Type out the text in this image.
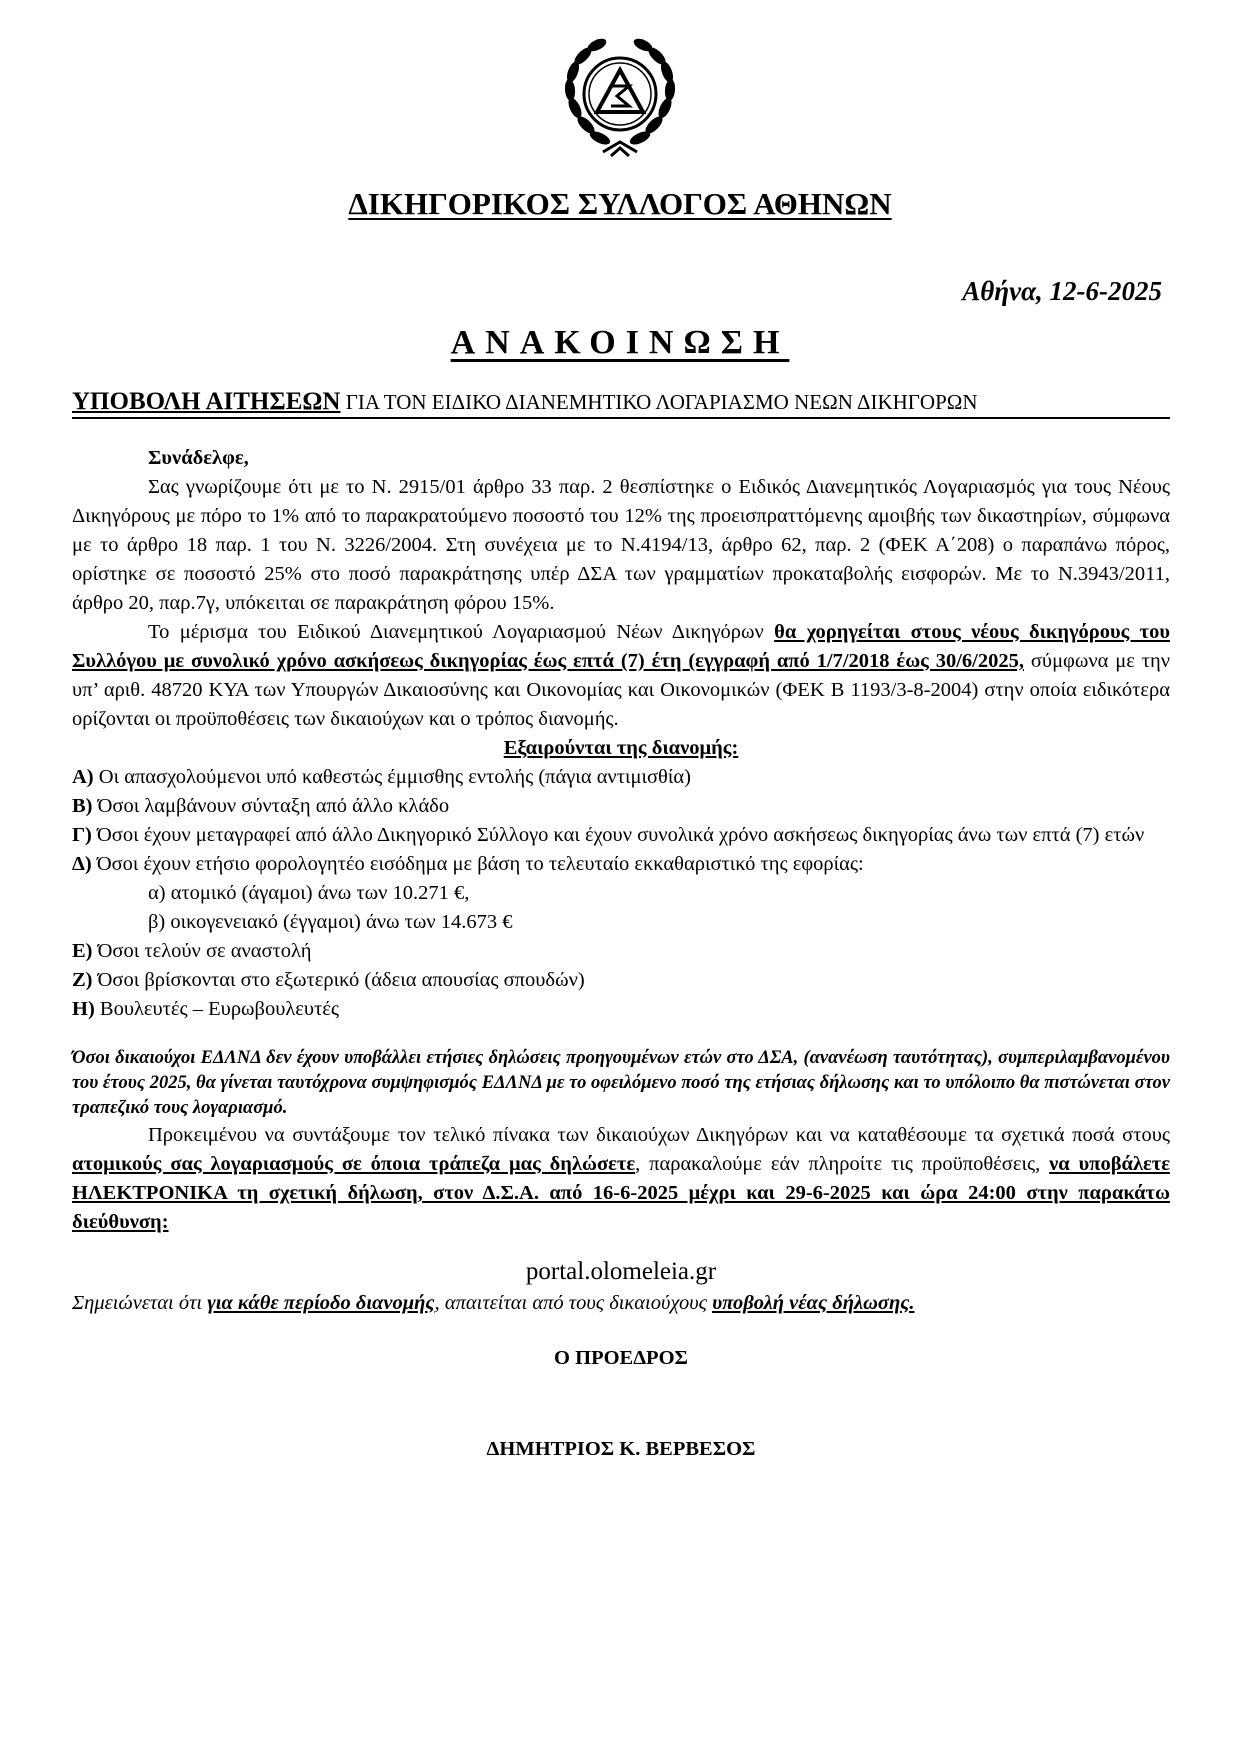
ΔΙΚΗΓΟΡΙΚΟΣ ΣΥΛΛΟΓΟΣ ΑΘΗΝΩΝ
Αθήνα, 12-6-2025
ΑΝΑΚΟΙΝΩΣΗ
ΥΠΟΒΟΛΗ ΑΙΤΗΣΕΩΝ ΓΙΑ ΤΟΝ ΕΙΔΙΚΟ ΔΙΑΝΕΜΗΤΙΚΟ ΛΟΓΑΡΙΑΣΜΟ ΝΕΩΝ ΔΙΚΗΓΟΡΩΝ

Συνάδελφε,

Σας γνωρίζουμε ότι με το Ν. 2915/01 άρθρο 33 παρ. 2 θεσπίστηκε ο Ειδικός Διανεμητικός Λογαριασμός για τους Νέους Δικηγόρους με πόρο το 1% από το παρακρατούμενο ποσοστό του 12% της προεισπραττόμενης αμοιβής των δικαστηρίων, σύμφωνα με το άρθρο 18 παρ. 1 του Ν. 3226/2004. Στη συνέχεια με το Ν.4194/13, άρθρο 62, παρ. 2 (ΦΕΚ Α΄208) ο παραπάνω πόρος, ορίστηκε σε ποσοστό 25% στο ποσό παρακράτησης υπέρ ΔΣΑ των γραμματίων προκαταβολής εισφορών. Με το Ν.3943/2011, άρθρο 20, παρ.7γ, υπόκειται σε παρακράτηση φόρου 15%.

Το μέρισμα του Ειδικού Διανεμητικού Λογαριασμού Νέων Δικηγόρων θα χορηγείται στους νέους δικηγόρους του Συλλόγου με συνολικό χρόνο ασκήσεως δικηγορίας έως επτά (7) έτη (εγγραφή από 1/7/2018 έως 30/6/2025, σύμφωνα με την υπ’ αριθ. 48720 ΚΥΑ των Υπουργών Δικαιοσύνης και Οικονομίας και Οικονομικών (ΦΕΚ Β 1193/3-8-2004) στην οποία ειδικότερα ορίζονται οι προϋποθέσεις των δικαιούχων και ο τρόπος διανομής.

Εξαιρούνται της διανομής:

Α) Οι απασχολούμενοι υπό καθεστώς έμμισθης εντολής (πάγια αντιμισθία)

Β) Όσοι λαμβάνουν σύνταξη από άλλο κλάδο

Γ) Όσοι έχουν μεταγραφεί από άλλο Δικηγορικό Σύλλογο και έχουν συνολικά χρόνο ασκήσεως δικηγορίας άνω των επτά (7) ετών

Δ) Όσοι έχουν ετήσιο φορολογητέο εισόδημα με βάση το τελευταίο εκκαθαριστικό της εφορίας:

α) ατομικό (άγαμοι) άνω των 10.271 €,

β) οικογενειακό (έγγαμοι) άνω των 14.673 €

Ε) Όσοι τελούν σε αναστολή

Ζ) Όσοι βρίσκονται στο εξωτερικό (άδεια απουσίας σπουδών)

Η) Βουλευτές – Ευρωβουλευτές

Όσοι δικαιούχοι ΕΔΛΝΔ δεν έχουν υποβάλλει ετήσιες δηλώσεις προηγουμένων ετών στο ΔΣΑ, (ανανέωση ταυτότητας), συμπεριλαμβανομένου του έτους 2025, θα γίνεται ταυτόχρονα συμψηφισμός ΕΔΛΝΔ με το οφειλόμενο ποσό της ετήσιας δήλωσης και το υπόλοιπο θα πιστώνεται στον τραπεζικό τους λογαριασμό.

Προκειμένου να συντάξουμε τον τελικό πίνακα των δικαιούχων Δικηγόρων και να καταθέσουμε τα σχετικά ποσά στους ατομικούς σας λογαριασμούς σε όποια τράπεζα μας δηλώσετε, παρακαλούμε εάν πληροίτε τις προϋποθέσεις, να υποβάλετε ΗΛΕΚΤΡΟΝΙΚΑ τη σχετική δήλωση, στον Δ.Σ.Α. από 16-6-2025 μέχρι και 29-6-2025 και ώρα 24:00 στην παρακάτω διεύθυνση:

portal.olomeleia.gr

Σημειώνεται ότι για κάθε περίοδο διανομής, απαιτείται από τους δικαιούχους υποβολή νέας δήλωσης.

Ο ΠΡΟΕΔΡΟΣ

ΔΗΜΗΤΡΙΟΣ Κ. ΒΕΡΒΕΣΟΣ
